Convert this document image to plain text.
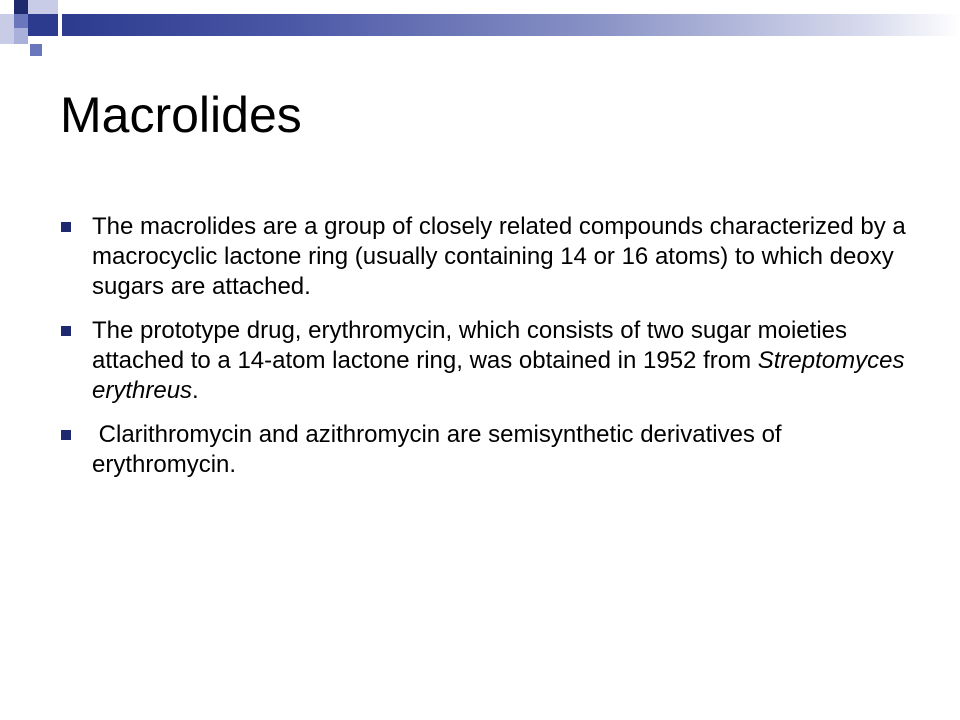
Macrolides
The macrolides are a group of closely related compounds characterized by a macrocyclic lactone ring (usually containing 14 or 16 atoms) to which deoxy sugars are attached.
The prototype drug, erythromycin, which consists of two sugar moieties attached to a 14-atom lactone ring, was obtained in 1952 from Streptomyces erythreus.
Clarithromycin and azithromycin are semisynthetic derivatives of erythromycin.
